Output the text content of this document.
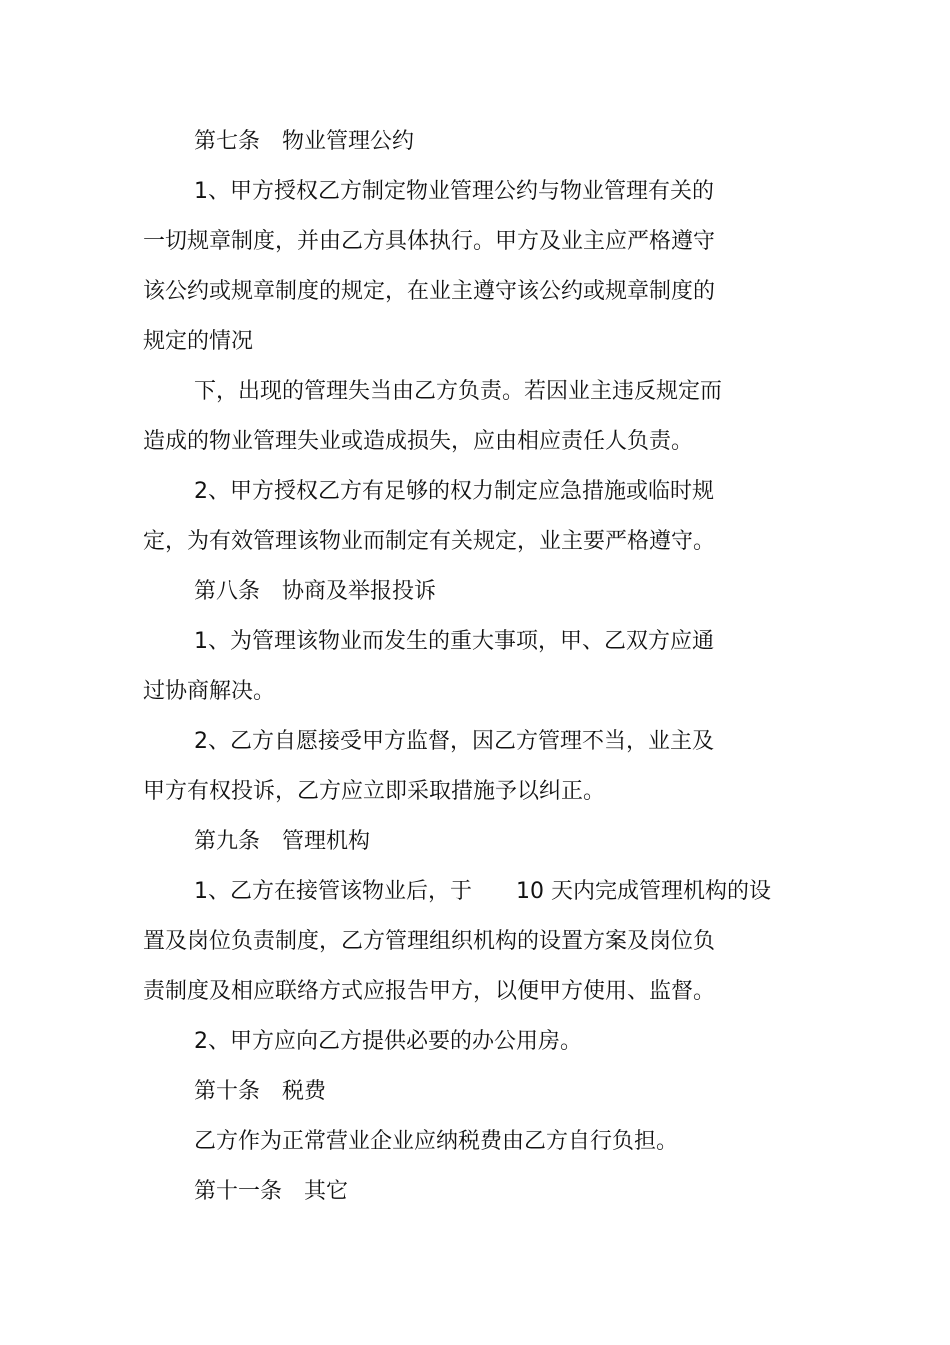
第七条　物业管理公约
1、甲方授权乙方制定物业管理公约与物业管理有关的
一切规章制度，并由乙方具体执行。甲方及业主应严格遵守
该公约或规章制度的规定，在业主遵守该公约或规章制度的
规定的情况
下，出现的管理失当由乙方负责。若因业主违反规定而
造成的物业管理失业或造成损失，应由相应责任人负责。
2、甲方授权乙方有足够的权力制定应急措施或临时规
定，为有效管理该物业而制定有关规定，业主要严格遵守。
第八条　协商及举报投诉
1、为管理该物业而发生的重大事项，甲、乙双方应通
过协商解决。
2、乙方自愿接受甲方监督，因乙方管理不当，业主及
甲方有权投诉，乙方应立即采取措施予以纠正。
第九条　管理机构
1、乙方在接管该物业后，于　　10 天内完成管理机构的设
置及岗位负责制度，乙方管理组织机构的设置方案及岗位负
责制度及相应联络方式应报告甲方，以便甲方使用、监督。
2、甲方应向乙方提供必要的办公用房。
第十条　税费
乙方作为正常营业企业应纳税费由乙方自行负担。
第十一条　其它
